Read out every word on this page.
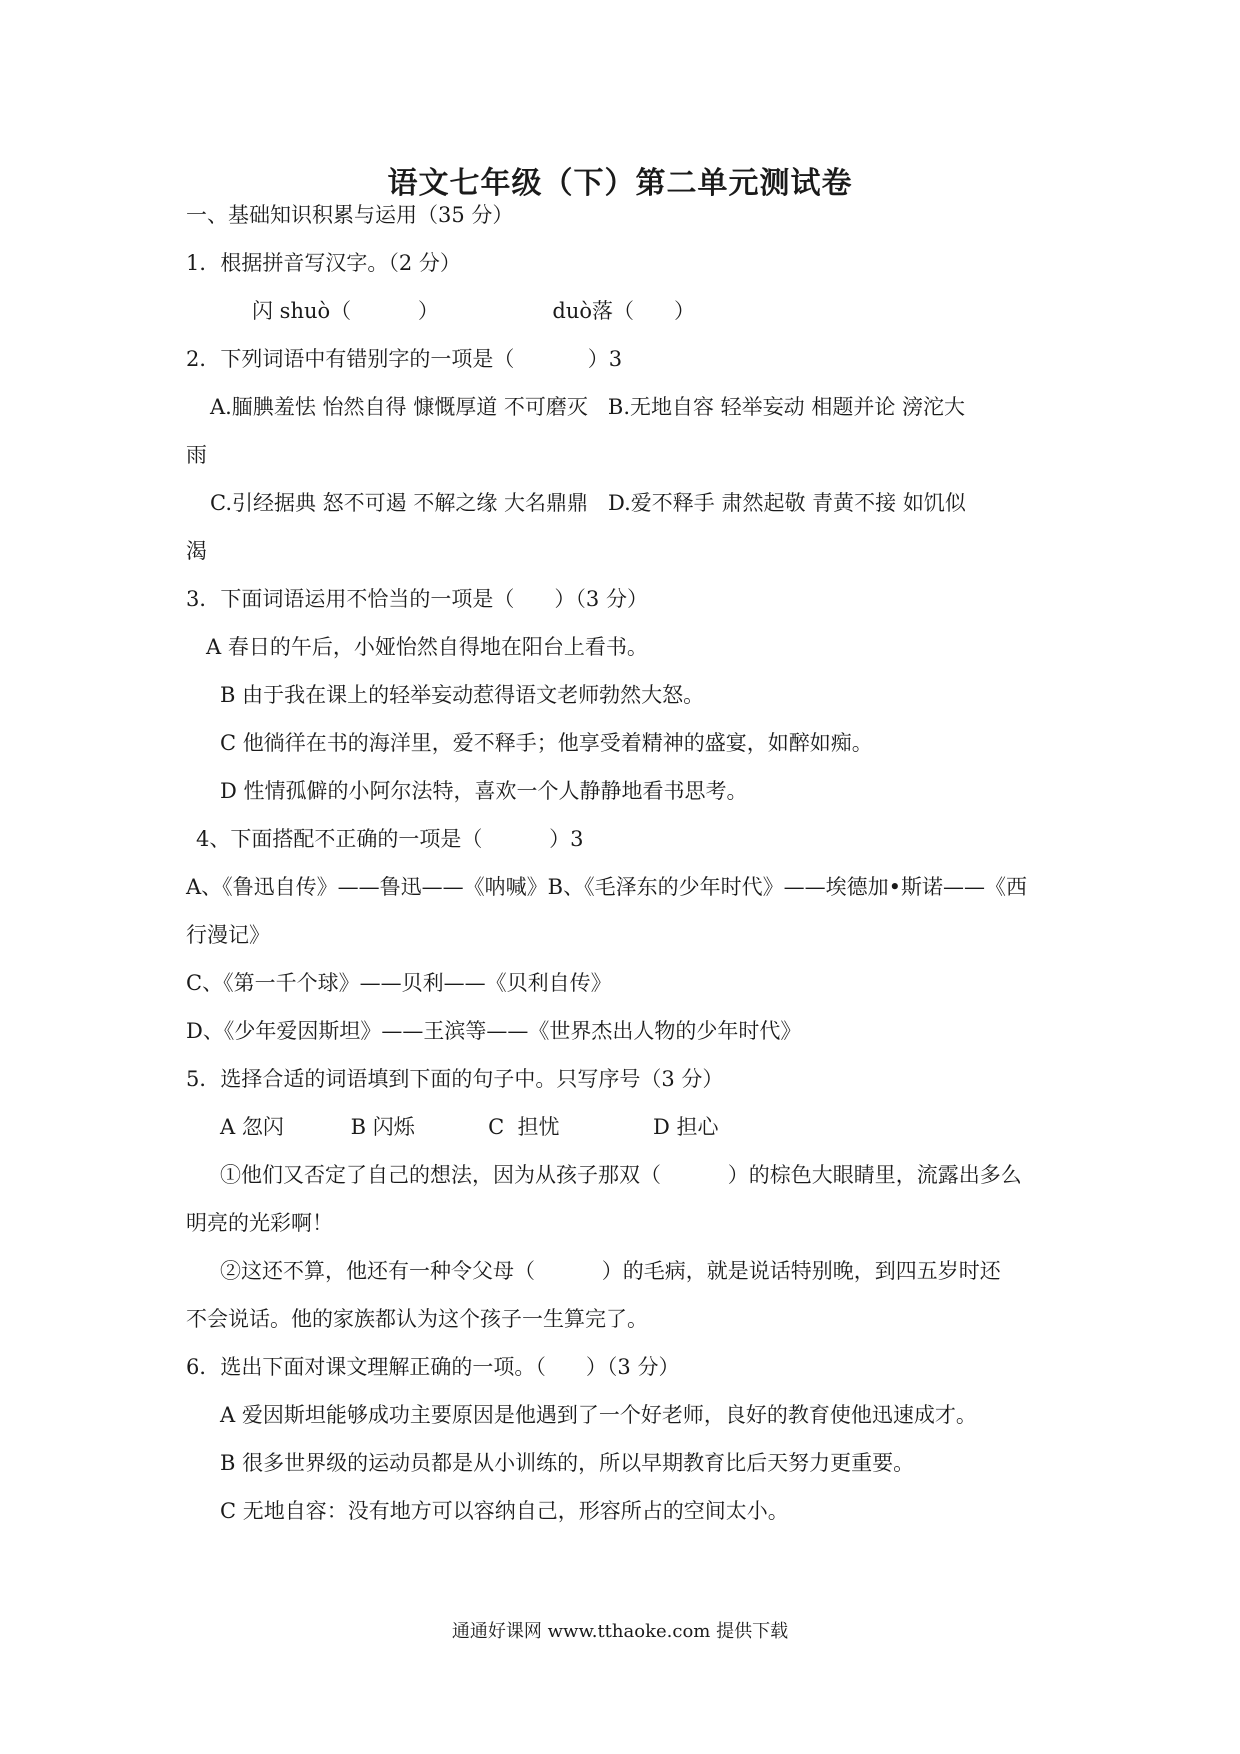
语文七年级（下）第二单元测试卷
一、基础知识积累与运用（35 分）
1．根据拼音写汉字。（2 分）
闪 shuò（          ）                 duò落（      ）
2．下列词语中有错别字的一项是（           ）3
A.腼腆羞怯 怡然自得 慷慨厚道 不可磨灭   B.无地自容 轻举妄动 相题并论 滂沱大
雨
C.引经据典 怒不可遏 不解之缘 大名鼎鼎   D.爱不释手 肃然起敬 青黄不接 如饥似
渴
3．下面词语运用不恰当的一项是（      ）（3 分）
A 春日的午后，小娅怡然自得地在阳台上看书。
B 由于我在课上的轻举妄动惹得语文老师勃然大怒。
C 他徜徉在书的海洋里，爱不释手；他享受着精神的盛宴，如醉如痴。
D 性情孤僻的小阿尔法特，喜欢一个人静静地看书思考。
4、下面搭配不正确的一项是（          ）3
A、《鲁迅自传》——鲁迅——《呐喊》B、《毛泽东的少年时代》——埃德加•斯诺——《西
行漫记》
C、《第一千个球》——贝利——《贝利自传》
D、《少年爱因斯坦》——王滨等——《世界杰出人物的少年时代》
5．选择合适的词语填到下面的句子中。只写序号（3 分）
A 忽闪          B 闪烁           C  担忧              D 担心
①他们又否定了自己的想法，因为从孩子那双（          ）的棕色大眼睛里，流露出多么
明亮的光彩啊！
②这还不算，他还有一种令父母（          ）的毛病，就是说话特别晚，到四五岁时还
不会说话。他的家族都认为这个孩子一生算完了。
6．选出下面对课文理解正确的一项。（      ）（3 分）
A 爱因斯坦能够成功主要原因是他遇到了一个好老师，良好的教育使他迅速成才。
B 很多世界级的运动员都是从小训练的，所以早期教育比后天努力更重要。
C 无地自容：没有地方可以容纳自己，形容所占的空间太小。
通通好课网 www.tthaoke.com 提供下载
